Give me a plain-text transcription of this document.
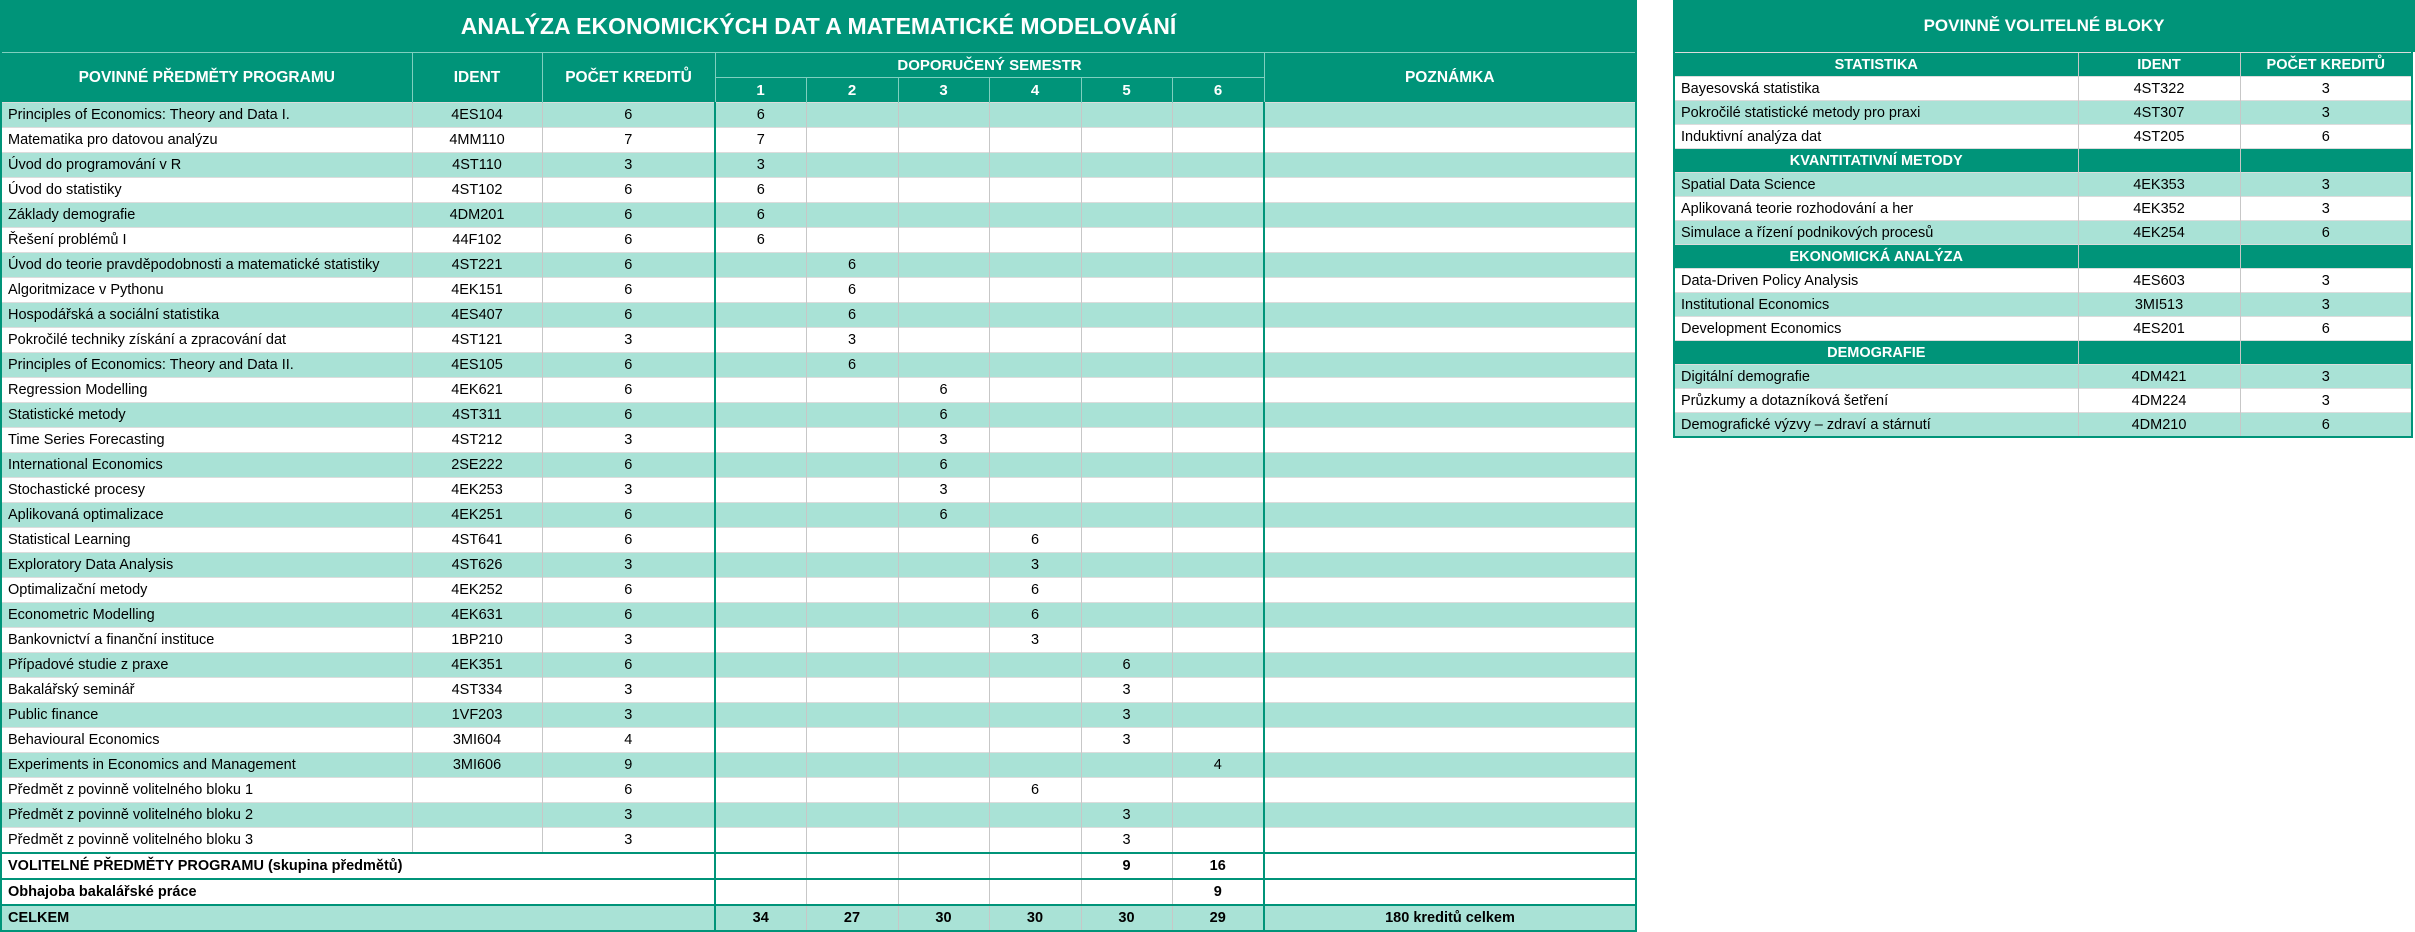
ANALÝZA EKONOMICKÝCH DAT A MATEMATICKÉ MODELOVÁNÍ
POVINNÉ PŘEDMĚTY PROGRAMU	IDENT	POČET KREDITŮ	DOPORUČENÝ SEMESTR						POZNÁMKA
			1	2	3	4	5	6	
Principles of Economics: Theory and Data I.	4ES104	6	6						
Matematika pro datovou analýzu	4MM110	7	7						
Úvod do programování v R	4ST110	3	3						
Úvod do statistiky	4ST102	6	6						
Základy demografie	4DM201	6	6						
Řešení problémů I	44F102	6	6						
Úvod do teorie pravděpodobnosti a matematické statistiky	4ST221	6		6					
Algoritmizace v Pythonu	4EK151	6		6					
Hospodářská a sociální statistika	4ES407	6		6					
Pokročilé techniky získání a zpracování dat	4ST121	3		3					
Principles of Economics: Theory and Data II.	4ES105	6		6					
Regression Modelling	4EK621	6			6				
Statistické metody	4ST311	6			6				
Time Series Forecasting	4ST212	3			3				
International Economics	2SE222	6			6				
Stochastické procesy	4EK253	3			3				
Aplikovaná optimalizace	4EK251	6			6				
Statistical Learning	4ST641	6				6			
Exploratory Data Analysis	4ST626	3				3			
Optimalizační metody	4EK252	6				6			
Econometric Modelling	4EK631	6				6			
Bankovnictví a finanční instituce	1BP210	3				3			
Případové studie z praxe	4EK351	6					6		
Bakalářský seminář	4ST334	3					3		
Public finance	1VF203	3					3		
Behavioural Economics	3MI604	4					3		
Experiments in Economics and Management	3MI606	9						4	
Předmět z povinně volitelného bloku 1		6				6			
Předmět z povinně volitelného bloku 2		3					3		
Předmět z povinně volitelného bloku 3		3					3		
VOLITELNÉ PŘEDMĚTY PROGRAMU (skupina předmětů)							9	16	
Obhajoba bakalářské práce								9	
CELKEM			34	27	30	30	30	29	180 kreditů celkem
POVINNĚ VOLITELNÉ BLOKY
STATISTIKA	IDENT	POČET KREDITŮ
Bayesovská statistika	4ST322	3
Pokročilé statistické metody pro praxi	4ST307	3
Induktivní analýza dat	4ST205	6
KVANTITATIVNÍ METODY		
Spatial Data Science	4EK353	3
Aplikovaná teorie rozhodování a her	4EK352	3
Simulace a řízení podnikových procesů	4EK254	6
EKONOMICKÁ ANALÝZA		
Data-Driven Policy Analysis	4ES603	3
Institutional Economics	3MI513	3
Development Economics	4ES201	6
DEMOGRAFIE		
Digitální demografie	4DM421	3
Průzkumy a dotazníková šetření	4DM224	3
Demografické výzvy – zdraví a stárnutí	4DM210	6
